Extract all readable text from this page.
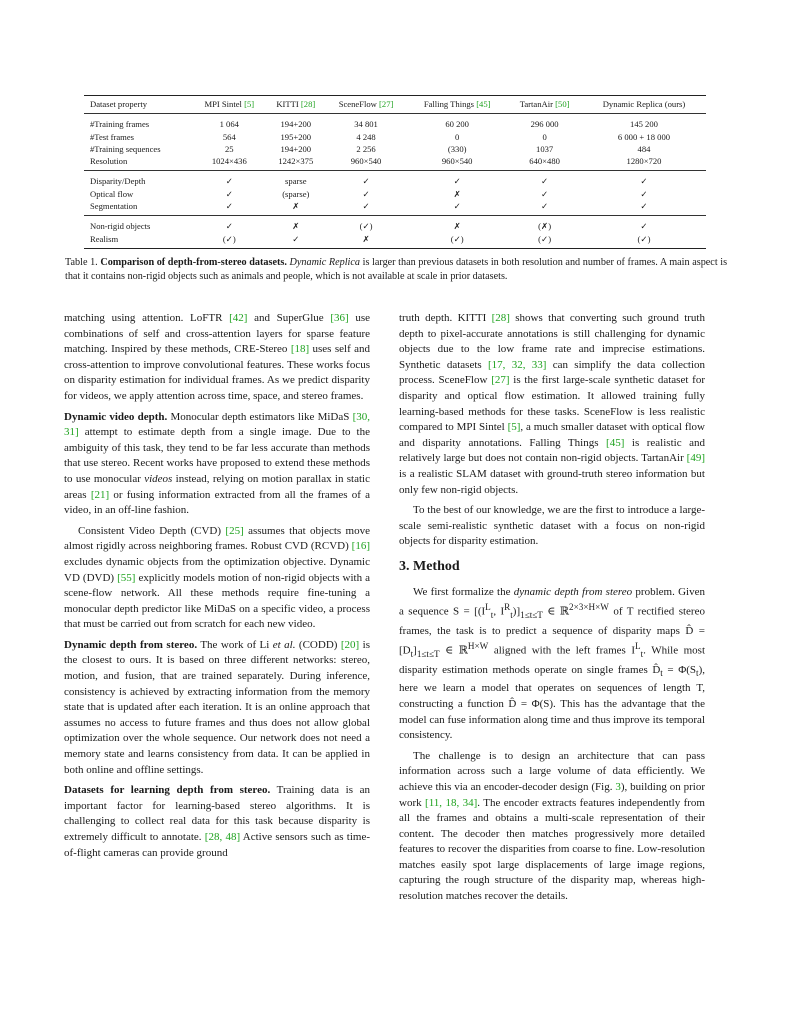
Dataset property	MPI Sintel [5]	KITTI [28]	SceneFlow [27]	Falling Things [45]	TartanAir [50]	Dynamic Replica (ours)
#Training frames	1 064	194+200	34 801	60 200	296 000	145 200
#Test frames	564	195+200	4 248	0	0	6 000 + 18 000
#Training sequences	25	194+200	2 256	(330)	1037	484
Resolution	1024×436	1242×375	960×540	960×540	640×480	1280×720
Disparity/Depth	✓	sparse	✓	✓	✓	✓
Optical flow	✓	(sparse)	✓	✗	✓	✓
Segmentation	✓	✗	✓	✓	✓	✓
Non-rigid objects	✓	✗	(✓)	✗	(✗)	✓
Realism	(✓)	✓	✗	(✓)	(✓)	(✓)
Table 1. Comparison of depth-from-stereo datasets. Dynamic Replica is larger than previous datasets in both resolution and number of frames. A main aspect is that it contains non-rigid objects such as animals and people, which is not available at scale in prior datasets.

matching using attention. LoFTR [42] and SuperGlue [36] use combinations of self and cross-attention layers for sparse feature matching. Inspired by these methods, CRE-Stereo [18] uses self and cross-attention to improve convolutional features. These works focus on disparity estimation for individual frames. As we predict disparity for videos, we apply attention across time, space, and stereo frames.

Dynamic video depth. Monocular depth estimators like MiDaS [30, 31] attempt to estimate depth from a single image. Due to the ambiguity of this task, they tend to be far less accurate than methods that use stereo. Recent works have proposed to extend these methods to use monocular videos instead, relying on motion parallax in static areas [21] or fusing information extracted from all the frames of a video, in an off-line fashion.

Consistent Video Depth (CVD) [25] assumes that objects move almost rigidly across neighboring frames. Robust CVD (RCVD) [16] excludes dynamic objects from the optimization objective. Dynamic VD (DVD) [55] explicitly models motion of non-rigid objects with a scene-flow network. All these methods require fine-tuning a monocular depth predictor like MiDaS on a specific video, a process that must be carried out from scratch for each new video.

Dynamic depth from stereo. The work of Li et al. (CODD) [20] is the closest to ours. It is based on three different networks: stereo, motion, and fusion, that are trained separately. During inference, consistency is achieved by extracting information from the memory state that is updated after each iteration. It is an online approach that assumes no access to future frames and thus does not allow global optimization over the whole sequence. Our network does not need a memory state and learns consistency from data. It can be applied in both online and offline settings.

Datasets for learning depth from stereo. Training data is an important factor for learning-based stereo algorithms. It is challenging to collect real data for this task because disparity is extremely difficult to annotate. [28, 48] Active sensors such as time-of-flight cameras can provide ground

truth depth. KITTI [28] shows that converting such ground truth depth to pixel-accurate annotations is still challenging for dynamic objects due to the low frame rate and imprecise estimations. Synthetic datasets [17, 32, 33] can simplify the data collection process. SceneFlow [27] is the first large-scale synthetic dataset for disparity and optical flow estimation. It allowed training fully learning-based methods for these tasks. SceneFlow is less realistic compared to MPI Sintel [5], a much smaller dataset with optical flow and disparity annotations. Falling Things [45] is realistic and relatively large but does not contain non-rigid objects. TartanAir [49] is a realistic SLAM dataset with ground-truth stereo information but only few non-rigid objects.

To the best of our knowledge, we are the first to introduce a large-scale semi-realistic synthetic dataset with a focus on non-rigid objects for disparity estimation.

3. Method

We first formalize the dynamic depth from stereo problem. Given a sequence $S = [(I^L_t$, $I^R_t)]_{1\le t\le T}$ ∈ ℝ$^{2\times 3\times H\times W}$ of T rectified stereo frames, the task is to predict a sequence of disparity maps D̂ = $[D_t]_{1\le t\le T}$ ∈ ℝ$^{H\times W}$ aligned with the left frames $I^L_t$. While most disparity estimation methods operate on single frames $D̂_t = \Phi(S_t)$, here we learn a model that operates on sequences of length T, constructing a function D̂ = Φ(S). This has the advantage that the model can fuse information along time and thus improve its temporal consistency.

The challenge is to design an architecture that can pass information across such a large volume of data efficiently. We achieve this via an encoder-decoder design (Fig. 3), building on prior work [11, 18, 34]. The encoder extracts features independently from all the frames and obtains a multi-scale representation of their content. The decoder then matches progressively more detailed features to recover the disparities from coarse to fine. Low-resolution matches easily spot large displacements of large image regions, capturing the rough structure of the disparity map, whereas high-resolution matches recover the details.
